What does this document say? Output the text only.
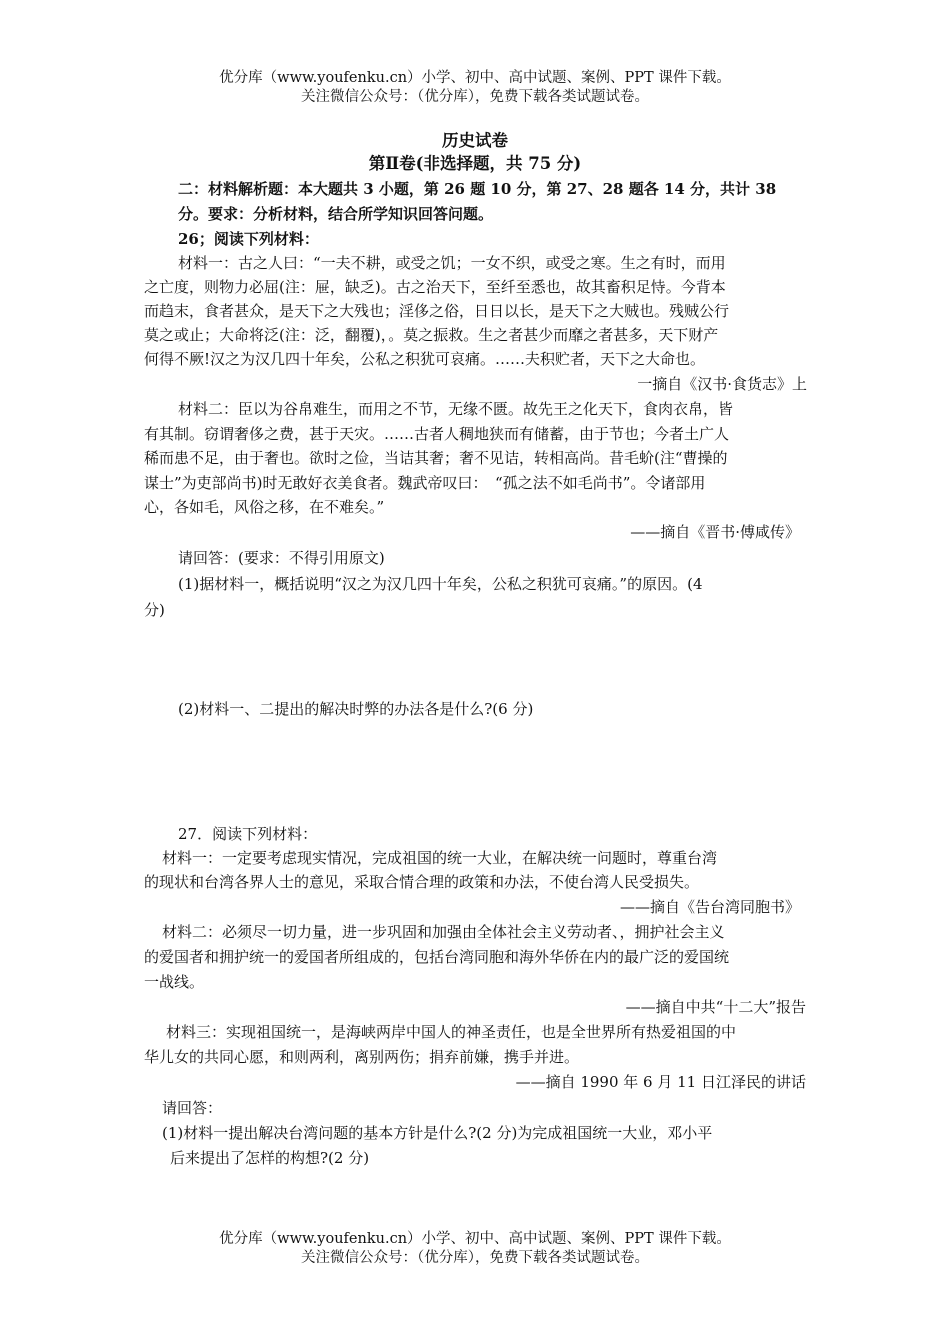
优分库（www.youfenku.cn）小学、初中、高中试题、案例、PPT 课件下载。
关注微信公众号：（优分库），免费下载各类试题试卷。
历史试卷
第Ⅱ卷(非选择题，共 75 分)
二：材料解析题：本大题共 3 小题，第 26 题 10 分，第 27、28 题各 14 分，共计 38
分。要求：分析材料，结合所学知识回答问题。
26；阅读下列材料：
材料一：古之人曰：“一夫不耕，或受之饥；一女不织，或受之寒。生之有时，而用
之亡度，则物力必屈(注：屉，缺乏)。古之治天下，至纤至悉也，故其畜积足恃。今背本
而趋末，食者甚众，是天下之大残也；淫侈之俗，日日以长，是天下之大贼也。残贼公行
莫之或止；大命将泛(注：泛，翻覆)，。莫之振救。生之者甚少而靡之者甚多，天下财产
何得不厥!汉之为汉几四十年矣，公私之积犹可哀痛。……夫积贮者，天下之大命也。
一摘自《汉书·食货志》上
材料二：臣以为谷帛难生，而用之不节，无缘不匮。故先王之化天下，食肉衣帛，皆
有其制。窃谓奢侈之费，甚于天灾。……古者人稠地狭而有储蓄，由于节也；今者土广人
稀而患不足，由于奢也。欲时之俭，当诘其奢；奢不见诘，转相高尚。昔毛蚧(注“曹操的
谋士”为吏部尚书)时无敢好衣美食者。魏武帝叹曰：　“孤之法不如毛尚书”。令诸部用
心，各如毛，风俗之移，在不难矣。”
——摘自《晋书·傅咸传》
请回答：(要求：不得引用原文)
(1)据材料一，概括说明“汉之为汉几四十年矣，公私之积犹可哀痛。”的原因。(4
分)
(2)材料一、二提出的解决时弊的办法各是什么?(6 分)
27．阅读下列材料：
材料一：一定要考虑现实情况，完成祖国的统一大业，在解决统一问题时，尊重台湾
的现状和台湾各界人士的意见，采取合情合理的政策和办法，不使台湾人民受损失。
——摘自《告台湾同胞书》
材料二：必须尽一切力量，进一步巩固和加强由全体社会主义劳动者、，拥护社会主义
的爱国者和拥护统一的爱国者所组成的，包括台湾同胞和海外华侨在内的最广泛的爱国统
一战线。
——摘自中共“十二大”报告
材料三：实现祖国统一，是海峡两岸中国人的神圣责任，也是全世界所有热爱祖国的中
华儿女的共同心愿，和则两利，离别两伤；捐弃前嫌，携手并进。
——摘自 1990 年 6 月 11 日江泽民的讲话
请回答：
(1)材料一提出解决台湾问题的基本方针是什么?(2 分)为完成祖国统一大业，邓小平
后来提出了怎样的构想?(2 分)
优分库（www.youfenku.cn）小学、初中、高中试题、案例、PPT 课件下载。
关注微信公众号：（优分库），免费下载各类试题试卷。
